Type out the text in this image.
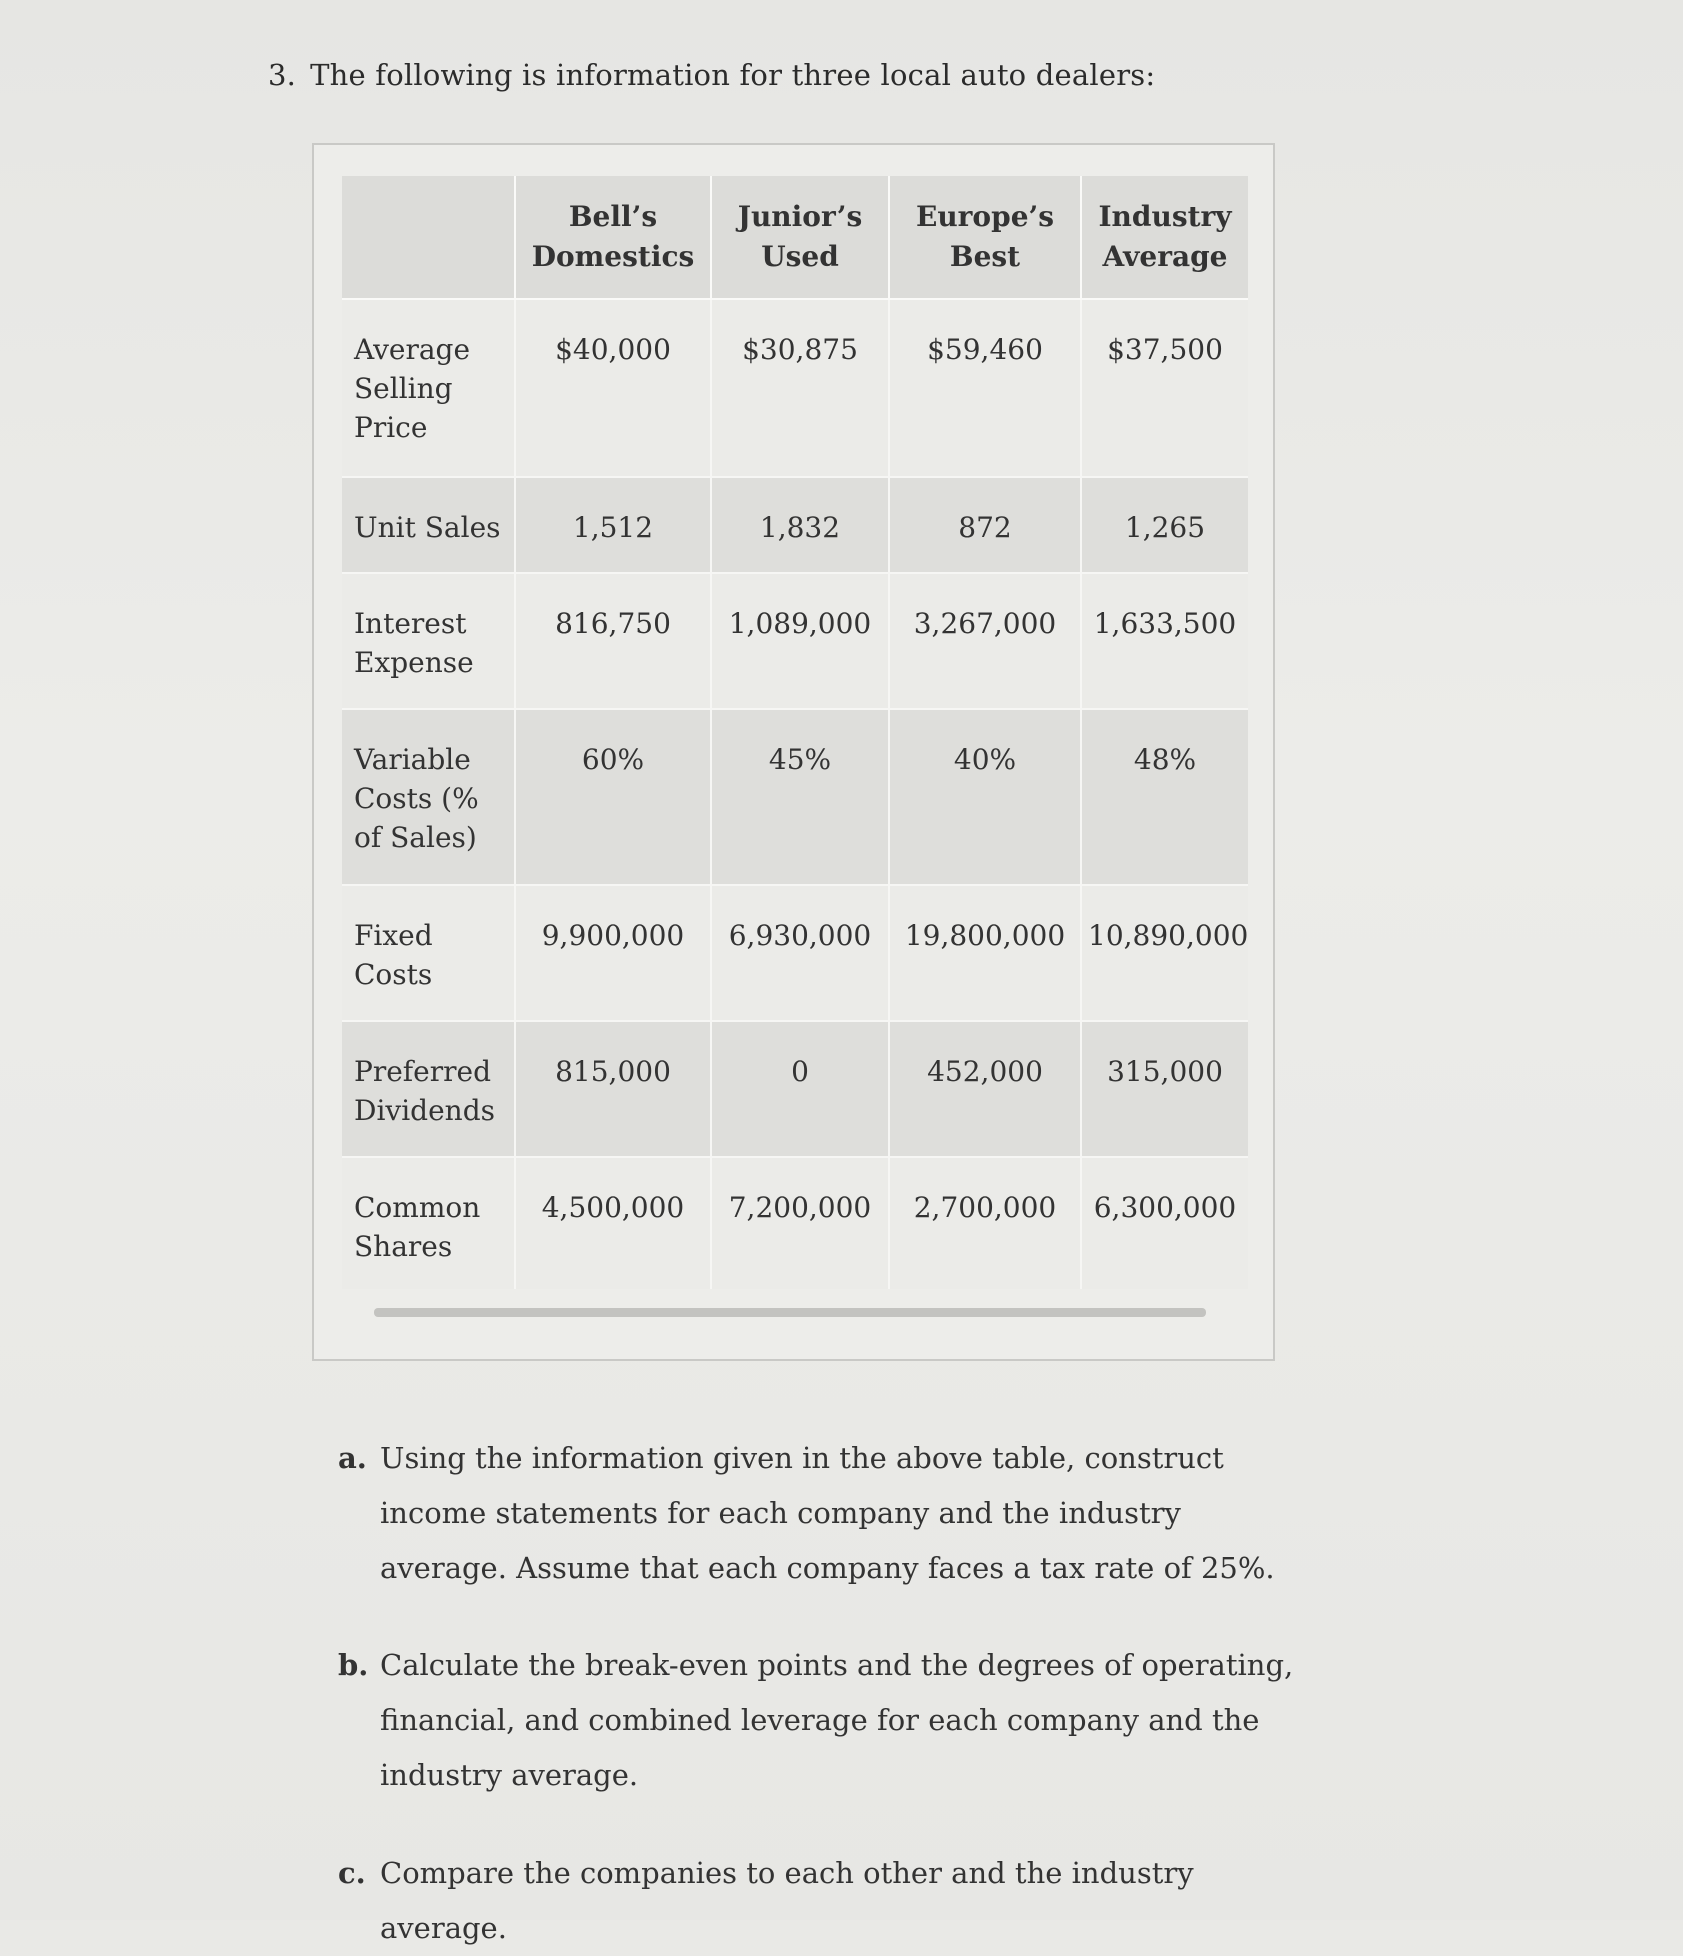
3. The following is information for three local auto dealers:
	Bell’s Domestics	Junior’s Used	Europe’s Best	Industry Average
Average Selling Price	$40,000	$30,875	$59,460	$37,500
Unit Sales	1,512	1,832	872	1,265
Interest Expense	816,750	1,089,000	3,267,000	1,633,500
Variable Costs (% of Sales)	60%	45%	40%	48%
Fixed Costs	9,900,000	6,930,000	19,800,000	10,890,000
Preferred Dividends	815,000	0	452,000	315,000
Common Shares	4,500,000	7,200,000	2,700,000	6,300,000
a. Using the information given in the above table, construct income statements for each company and the industry average. Assume that each company faces a tax rate of 25%.
b. Calculate the break-even points and the degrees of operating, financial, and combined leverage for each company and the industry average.
c. Compare the companies to each other and the industry average.
